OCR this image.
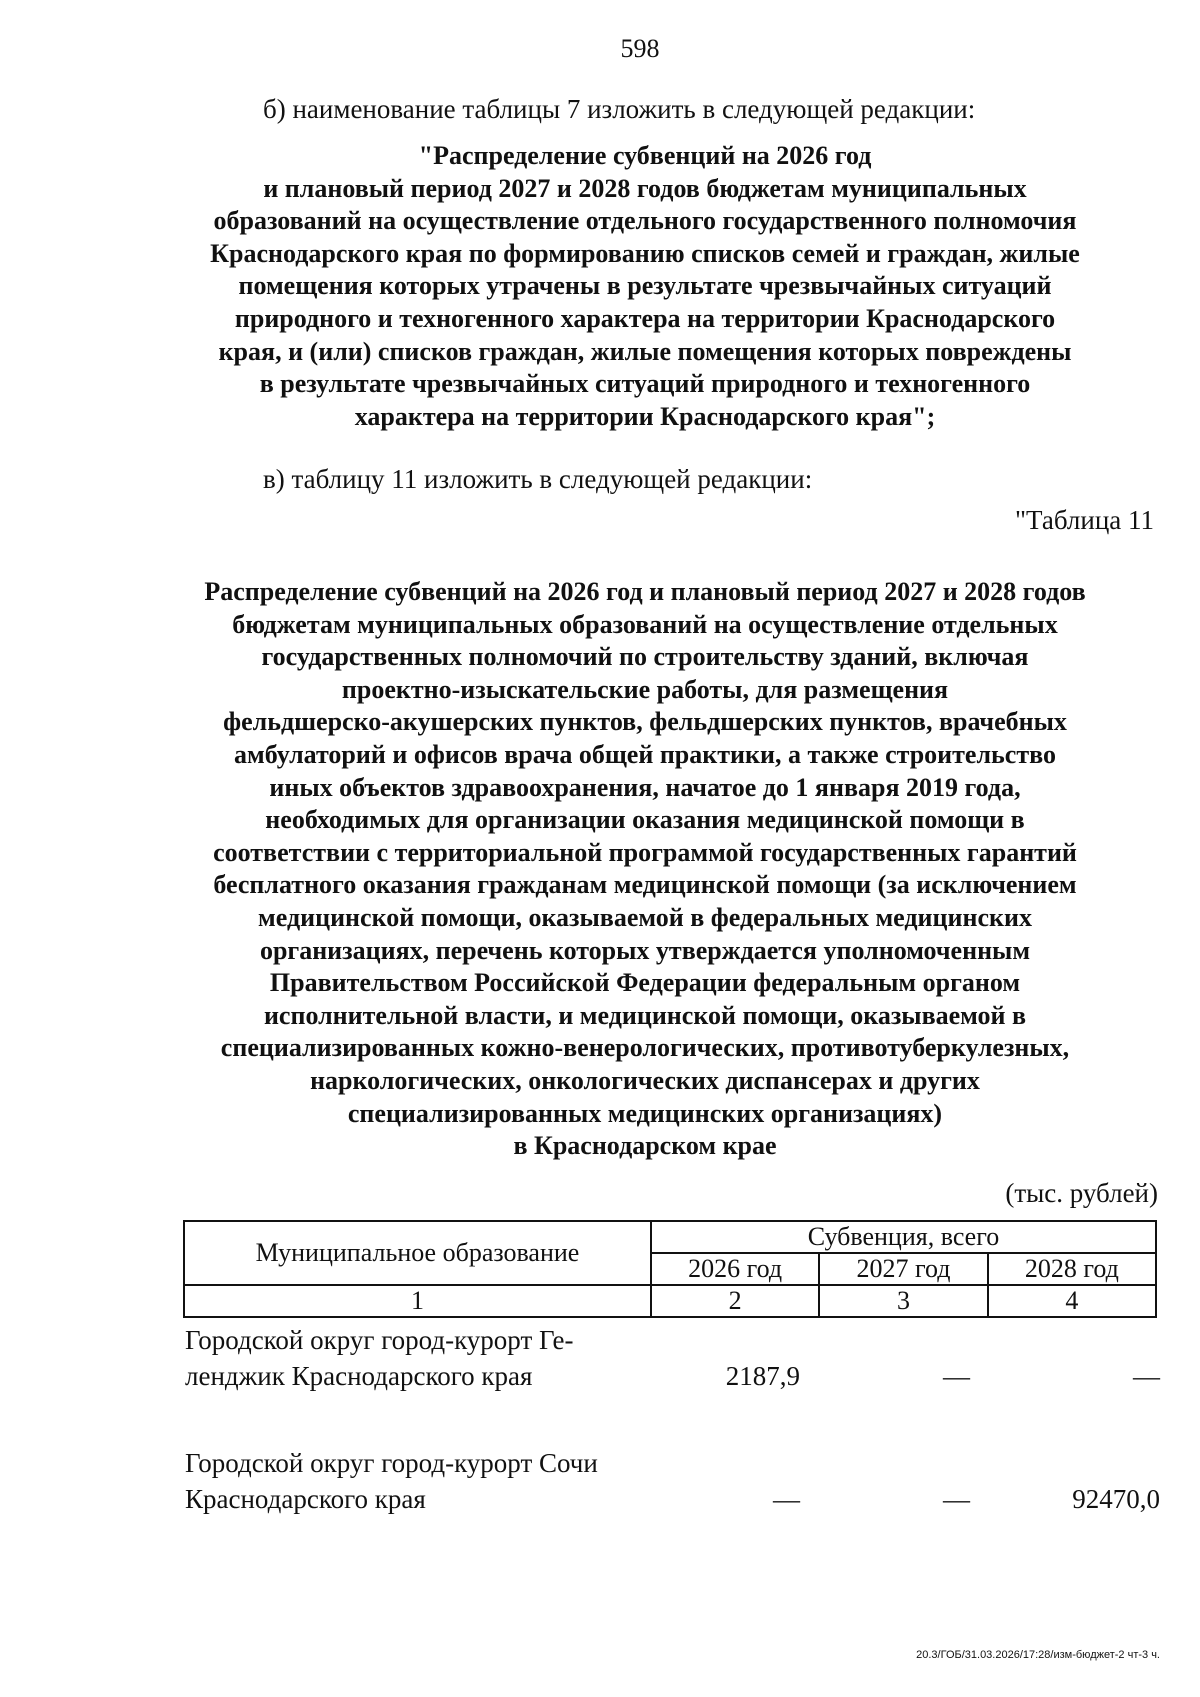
598
б) наименование таблицы 7 изложить в следующей редакции:
"Распределение субвенций на 2026 год
и плановый период 2027 и 2028 годов бюджетам муниципальных
образований на осуществление отдельного государственного полномочия
Краснодарского края по формированию списков семей и граждан, жилые
помещения которых утрачены в результате чрезвычайных ситуаций
природного и техногенного характера на территории Краснодарского
края, и (или) списков граждан, жилые помещения которых повреждены
в результате чрезвычайных ситуаций природного и техногенного
характера на территории Краснодарского края";
в) таблицу 11 изложить в следующей редакции:
"Таблица 11
Распределение субвенций на 2026 год и плановый период 2027 и 2028 годов
бюджетам муниципальных образований на осуществление отдельных
государственных полномочий по строительству зданий, включая
проектно-изыскательские работы, для размещения
фельдшерско-акушерских пунктов, фельдшерских пунктов, врачебных
амбулаторий и офисов врача общей практики, а также строительство
иных объектов здравоохранения, начатое до 1 января 2019 года,
необходимых для организации оказания медицинской помощи в
соответствии с территориальной программой государственных гарантий
бесплатного оказания гражданам медицинской помощи (за исключением
медицинской помощи, оказываемой в федеральных медицинских
организациях, перечень которых утверждается уполномоченным
Правительством Российской Федерации федеральным органом
исполнительной власти, и медицинской помощи, оказываемой в
специализированных кожно-венерологических, противотуберкулезных,
наркологических, онкологических диспансерах и других
специализированных медицинских организациях)
в Краснодарском крае
(тыс. рублей)
Муниципальное образование	Субвенция, всего		
	2026 год	2027 год	2028 год
1	2	3	4
Городской округ город-курорт Ге-
ленджик Краснодарского края	2187,9	—	—
Городской округ город-курорт Сочи
Краснодарского края	—	—	92470,0
20.3/ГОБ/31.03.2026/17:28/изм-бюджет-2 чт-3 ч.
